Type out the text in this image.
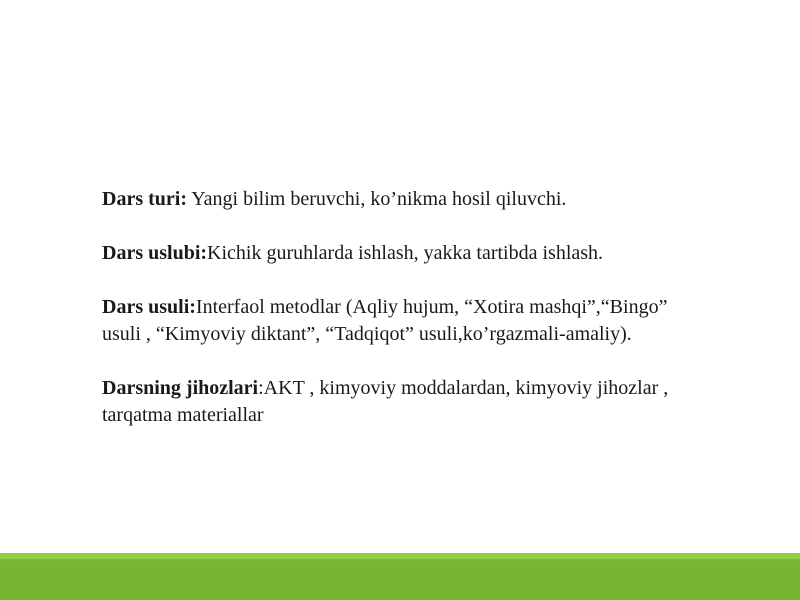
Dars turi: Yangi bilim beruvchi, ko’nikma hosil qiluvchi.

Dars uslubi:Kichik guruhlarda ishlash, yakka tartibda ishlash.

Dars usuli:Interfaol metodlar (Aqliy hujum, “Xotira mashqi”,“Bingo” usuli , “Kimyoviy diktant”, “Tadqiqot” usuli,ko’rgazmali-amaliy).

Darsning jihozlari:AKT , kimyoviy moddalardan, kimyoviy jihozlar , tarqatma materiallar
